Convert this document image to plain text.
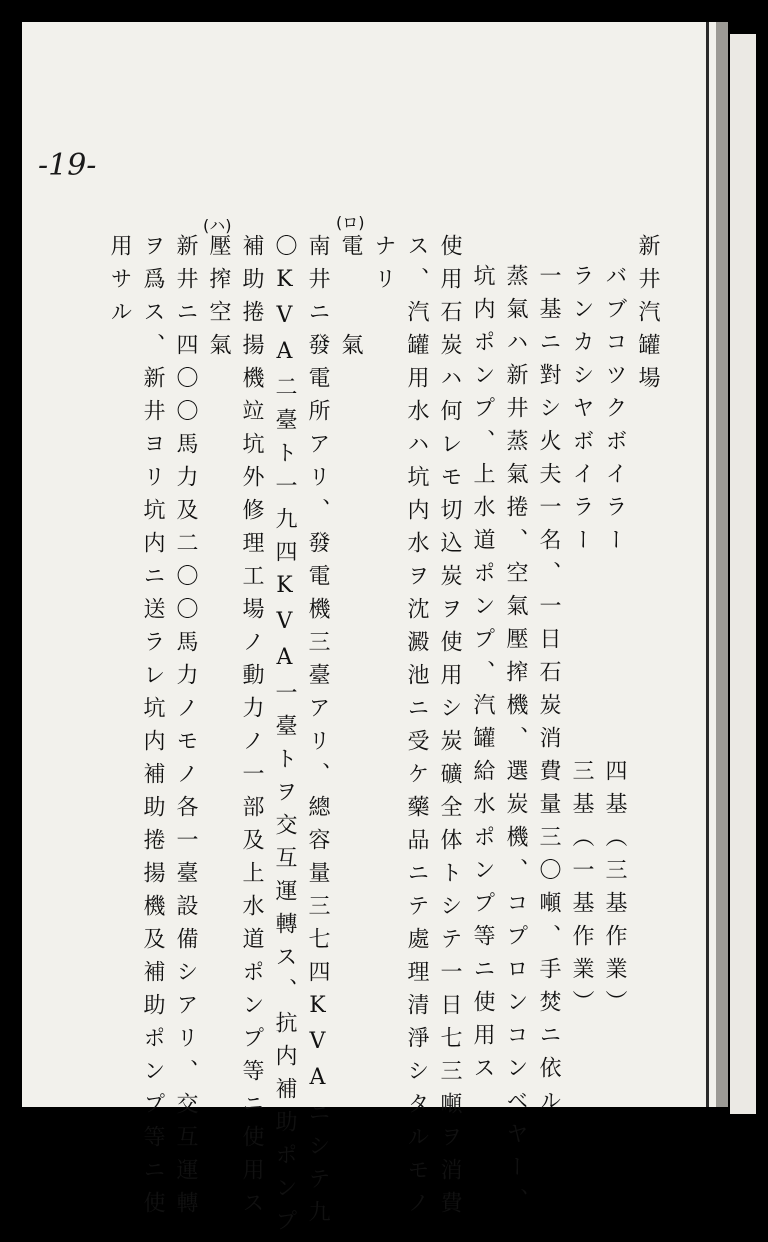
-19-
(ロ)
(ハ)
新井汽罐場
バブコツクボイラー　　　　　　四基（三基作業）
ランカシヤボイラー　　　　　　三基（一基作業）
一基ニ對シ火夫一名、一日石炭消費量三〇噸、手焚ニ依ル
蒸氣ハ新井蒸氣捲、空氣壓搾機、選炭機、コプロンコンベヤー、
坑内ポンプ、上水道ポンプ、汽罐給水ポンプ等ニ使用ス
使用石炭ハ何レモ切込炭ヲ使用シ炭礦全体トシテ一日七三噸ヲ消費
ス、汽罐用水ハ坑内水ヲ沈澱池ニ受ケ藥品ニテ處理清淨シタルモノ
ナリ
電　　氣
南井ニ發電所アリ、發電機三臺アリ、總容量三七四KVAニシテ九
〇KVA二臺ト一九四KVA一臺トヲ交互運轉ス、抗内補助ポンプ
補助捲揚機竝坑外修理工場ノ動力ノ一部及上水道ポンプ等ニ使用ス
壓搾空氣
新井ニ四〇〇馬力及二〇〇馬力ノモノ各一臺設備シアリ、交互運轉
ヲ爲ス、新井ヨリ坑内ニ送ラレ坑内補助捲揚機及補助ポンプ等ニ使
用サル
